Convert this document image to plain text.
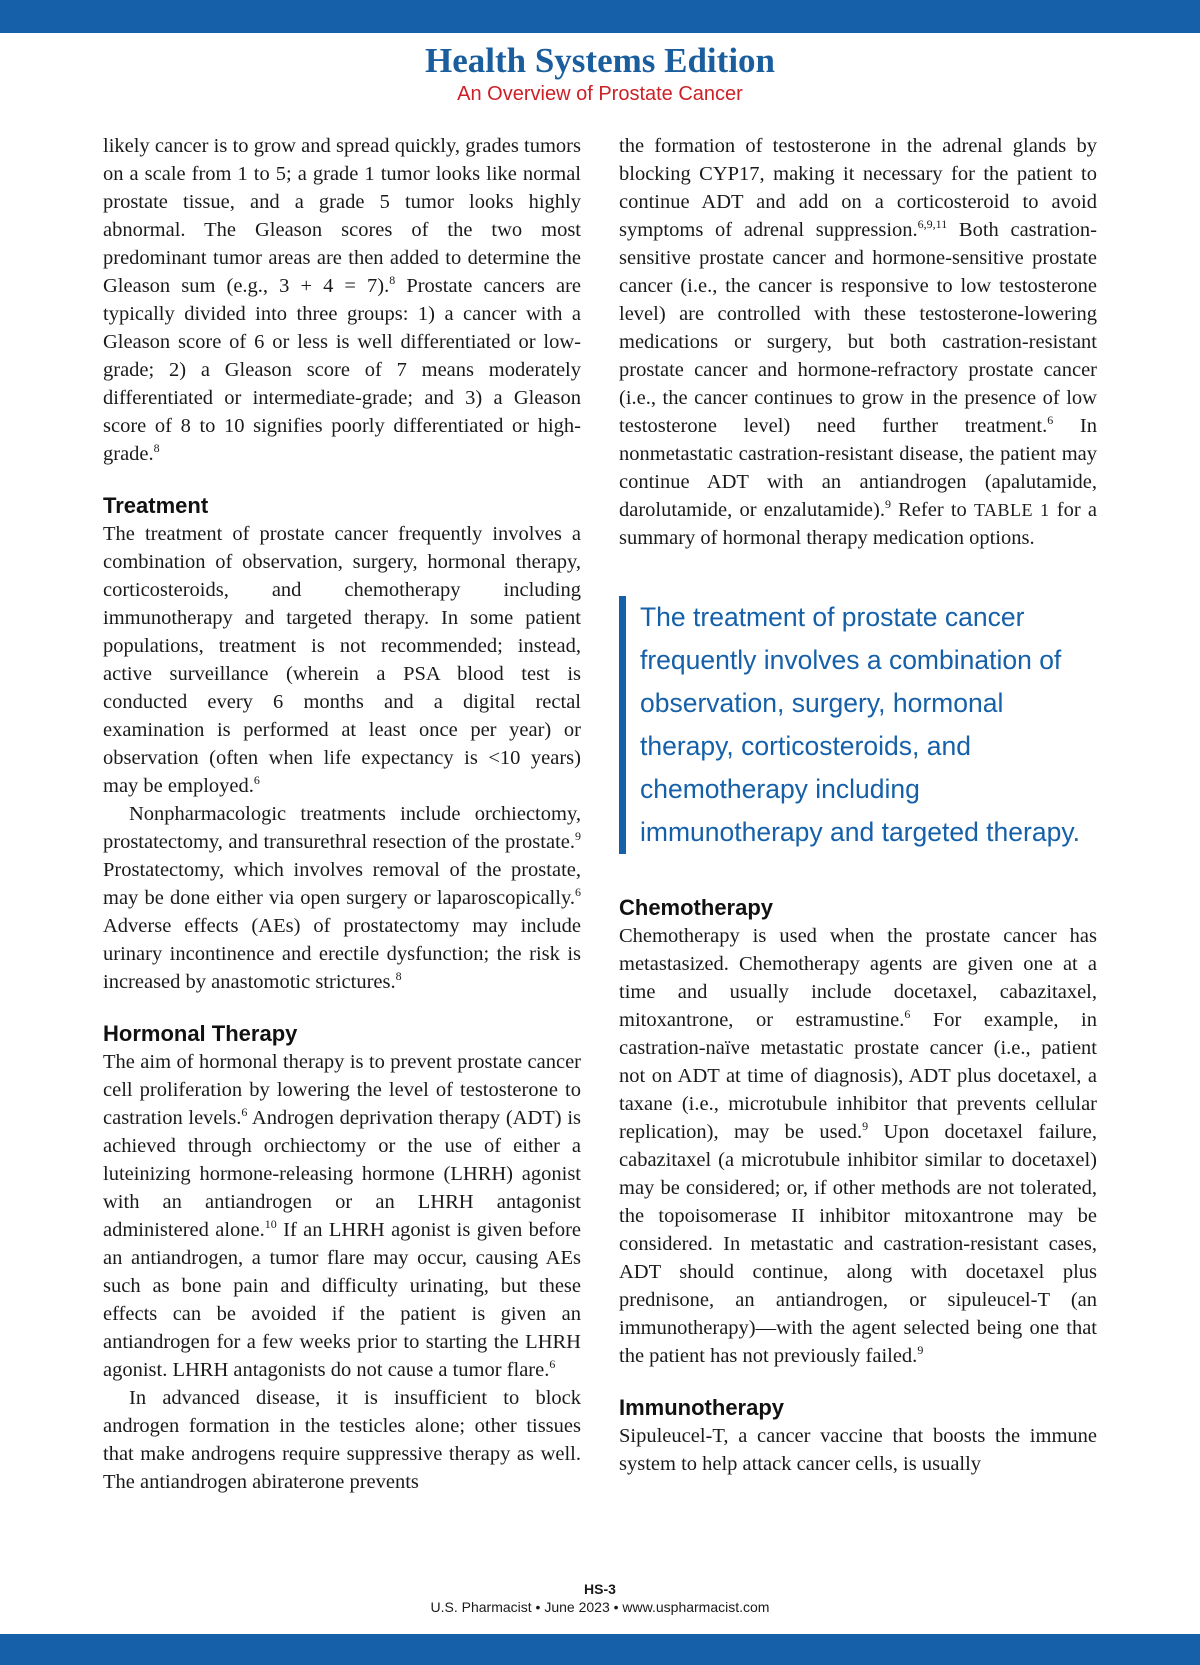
Health Systems Edition

An Overview of Prostate Cancer

likely cancer is to grow and spread quickly, grades tumors on a scale from 1 to 5; a grade 1 tumor looks like normal prostate tissue, and a grade 5 tumor looks highly abnormal. The Gleason scores of the two most predominant tumor areas are then added to determine the Gleason sum (e.g., 3 + 4 = 7).$^8$ Prostate cancers are typically divided into three groups: 1) a cancer with a Gleason score of 6 or less is well differentiated or low-grade; 2) a Gleason score of 7 means moderately differentiated or intermediate-grade; and 3) a Gleason score of 8 to 10 signifies poorly differentiated or high-grade.$^8$

Treatment

The treatment of prostate cancer frequently involves a combination of observation, surgery, hormonal therapy, corticosteroids, and chemotherapy including immunotherapy and targeted therapy. In some patient populations, treatment is not recommended; instead, active surveillance (wherein a PSA blood test is conducted every 6 months and a digital rectal examination is performed at least once per year) or observation (often when life expectancy is <10 years) may be employed.$^6$

Nonpharmacologic treatments include orchiectomy, prostatectomy, and transurethral resection of the prostate.$^9$ Prostatectomy, which involves removal of the prostate, may be done either via open surgery or laparoscopically.$^6$ Adverse effects (AEs) of prostatectomy may include urinary incontinence and erectile dysfunction; the risk is increased by anastomotic strictures.$^8$

Hormonal Therapy

The aim of hormonal therapy is to prevent prostate cancer cell proliferation by lowering the level of testosterone to castration levels.$^6$ Androgen deprivation therapy (ADT) is achieved through orchiectomy or the use of either a luteinizing hormone-releasing hormone (LHRH) agonist with an antiandrogen or an LHRH antagonist administered alone.$^{10}$ If an LHRH agonist is given before an antiandrogen, a tumor flare may occur, causing AEs such as bone pain and difficulty urinating, but these effects can be avoided if the patient is given an antiandrogen for a few weeks prior to starting the LHRH agonist. LHRH antagonists do not cause a tumor flare.$^6$

In advanced disease, it is insufficient to block androgen formation in the testicles alone; other tissues that make androgens require suppressive therapy as well. The antiandrogen abiraterone prevents

the formation of testosterone in the adrenal glands by blocking CYP17, making it necessary for the patient to continue ADT and add on a corticosteroid to avoid symptoms of adrenal suppression.$^{6,9,11}$ Both castration-sensitive prostate cancer and hormone-sensitive prostate cancer (i.e., the cancer is responsive to low testosterone level) are controlled with these testosterone-lowering medications or surgery, but both castration-resistant prostate cancer and hormone-refractory prostate cancer (i.e., the cancer continues to grow in the presence of low testosterone level) need further treatment.$^6$ In nonmetastatic castration-resistant disease, the patient may continue ADT with an antiandrogen (apalutamide, darolutamide, or enzalutamide).$^9$ Refer to TABLE 1 for a summary of hormonal therapy medication options.

The treatment of prostate cancer frequently involves a combination of observation, surgery, hormonal therapy, corticosteroids, and chemotherapy including immunotherapy and targeted therapy.
Chemotherapy

Chemotherapy is used when the prostate cancer has metastasized. Chemotherapy agents are given one at a time and usually include docetaxel, cabazitaxel, mitoxantrone, or estramustine.$^6$ For example, in castration-naïve metastatic prostate cancer (i.e., patient not on ADT at time of diagnosis), ADT plus docetaxel, a taxane (i.e., microtubule inhibitor that prevents cellular replication), may be used.$^9$ Upon docetaxel failure, cabazitaxel (a microtubule inhibitor similar to docetaxel) may be considered; or, if other methods are not tolerated, the topoisomerase II inhibitor mitoxantrone may be considered. In metastatic and castration-resistant cases, ADT should continue, along with docetaxel plus prednisone, an antiandrogen, or sipuleucel-T (an immunotherapy)—with the agent selected being one that the patient has not previously failed.$^9$

Immunotherapy

Sipuleucel-T, a cancer vaccine that boosts the immune system to help attack cancer cells, is usually

HS-3

U.S. Pharmacist • June 2023 • www.uspharmacist.com
